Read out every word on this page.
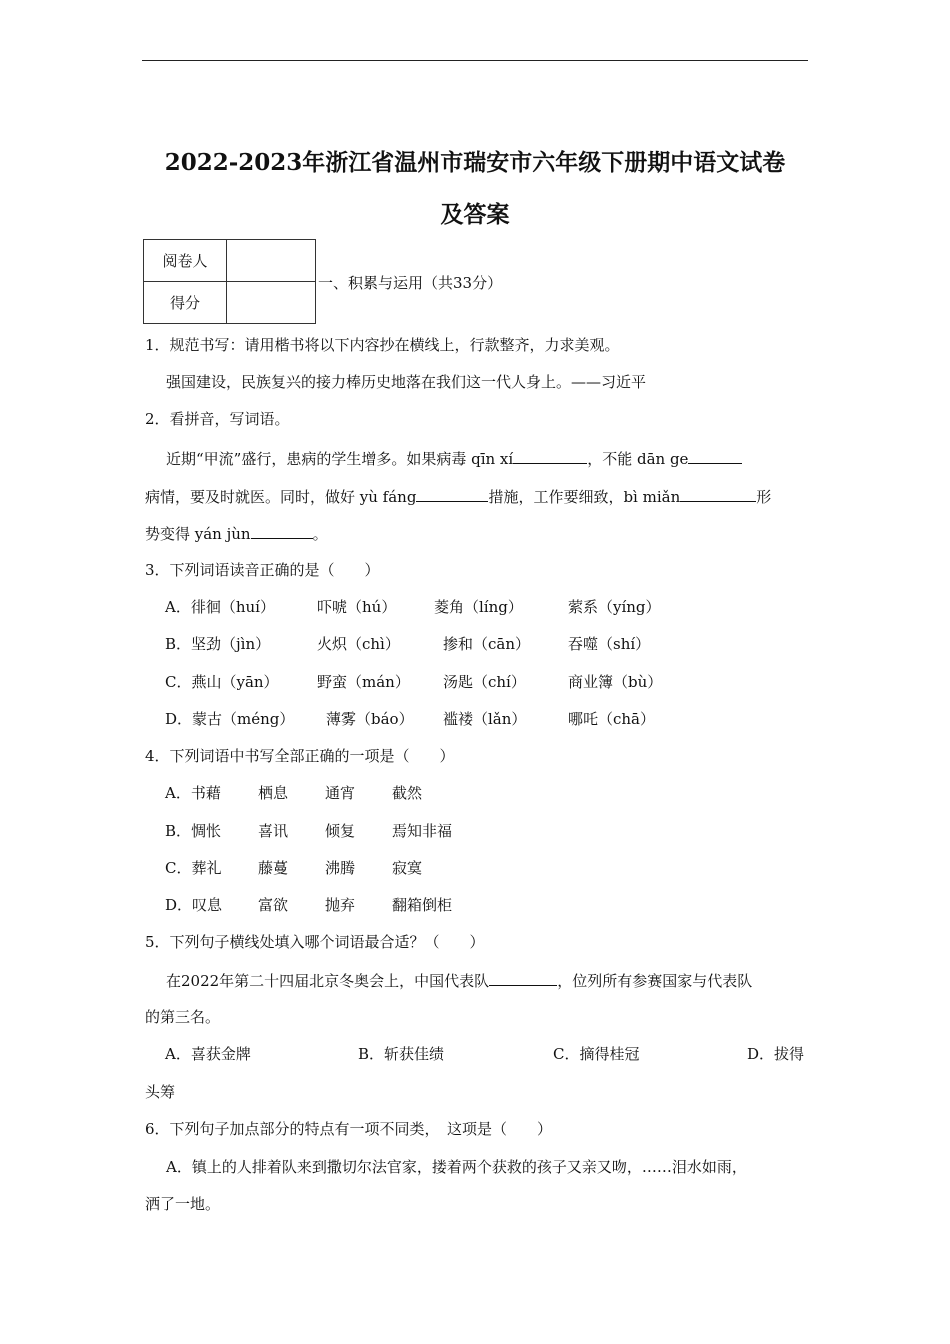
2022-2023年浙江省温州市瑞安市六年级下册期中语文试卷
及答案
阅卷人	
得分	
一、积累与运用（共33分）
1．规范书写：请用楷书将以下内容抄在横线上，行款整齐，力求美观。
强国建设，民族复兴的接力棒历史地落在我们这一代人身上。——习近平
2．看拼音，写词语。
近期“甲流”盛行，患病的学生增多。如果病毒 qīn xí	，不能 dān ge
病情，要及时就医。同时，做好 yù fáng	措施，工作要细致，bì miǎn	形
势变得 yán jùn	。
3．下列词语读音正确的是（　　）
A．徘徊（huí）	吓唬（hú）	菱角（líng）	萦系（yíng）
B．坚劲（jìn）	火炽（chì）	掺和（cān）	吞噬（shí）
C．燕山（yān）	野蛮（mán） 汤匙（chí）	商业簿（bù）
D．蒙古（méng） 薄雾（báo） 褴褛（lǎn）	哪吒（chā）
4．下列词语中书写全部正确的一项是（　　）
A．书藉 栖息 通宵 截然
B．惆怅 喜讯 倾复 焉知非福
C．葬礼 藤蔓 沸腾 寂寞
D．叹息 富欲 抛弃 翻箱倒柜
5．下列句子横线处填入哪个词语最合适？（　　）
在2022年第二十四届北京冬奥会上，中国代表队	，位列所有参赛国家与代表队
的第三名。
A．喜获金牌	B．斩获佳绩	C．摘得桂冠	D．拔得
头筹
6．下列句子加点部分的特点有一项不同类，　这项是（　　）
A．镇上的人排着队来到撒切尔法官家，搂着两个获救的孩子又亲又吻，……泪水如雨，
洒了一地。
